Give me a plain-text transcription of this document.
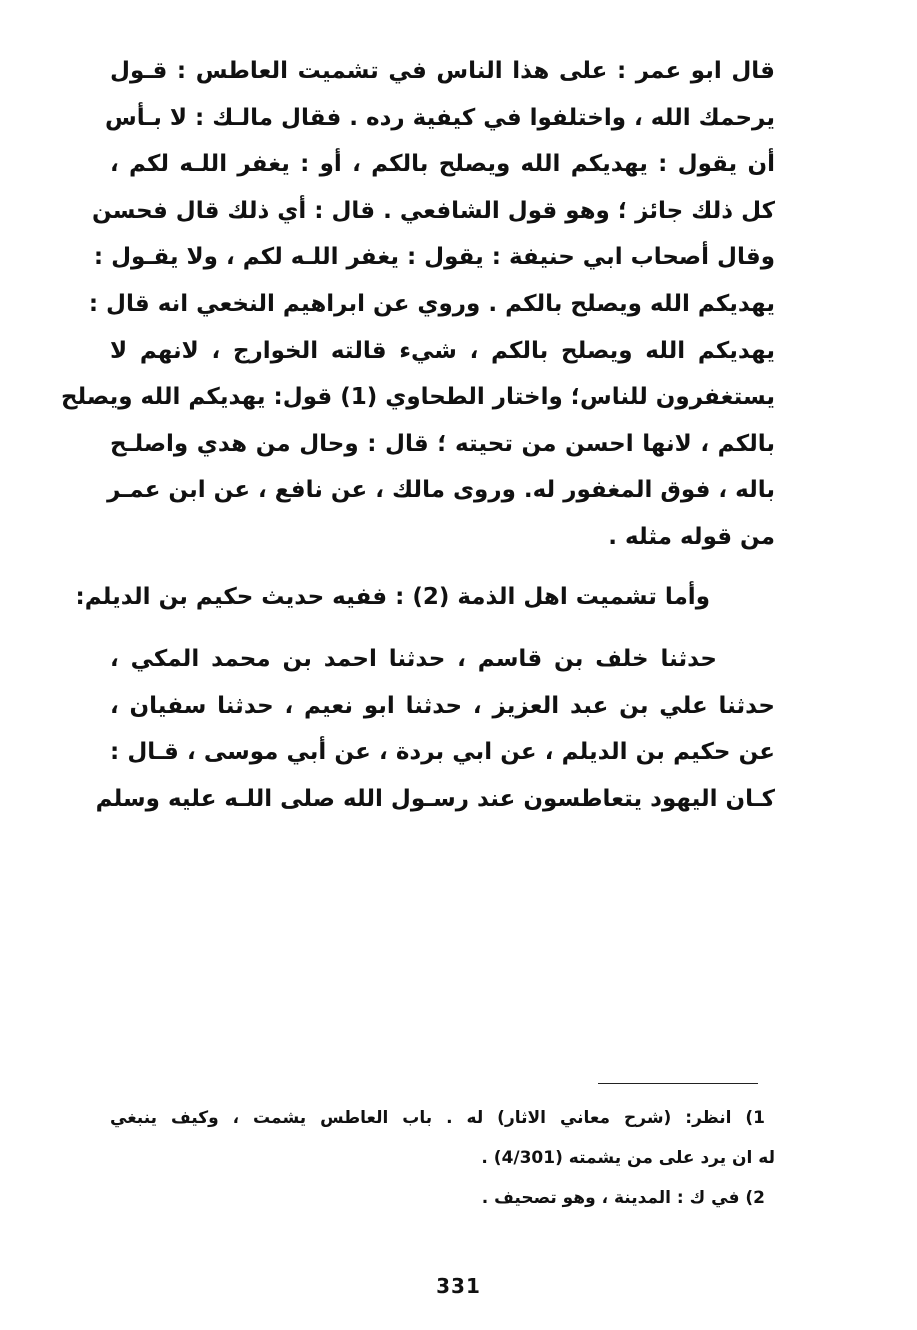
قال ابو عمر : على هذا الناس في تشميت العاطس : قـول
يرحمك الله ، واختلفوا في كيفية رده . فقال مالـك : لا بـأس
أن يقول : يهديكم الله ويصلح بالكم ، أو : يغفر اللـه لكم ،
كل ذلك جائز ؛ وهو قول الشافعي . قال : أي ذلك قال فحسن
وقال أصحاب ابي حنيفة : يقول : يغفر اللـه لكم ، ولا يقـول :
يهديكم الله ويصلح بالكم . وروي عن ابراهيم النخعي انه قال :
يهديكم الله ويصلح بالكم ، شيء قالته الخوارج ، لانهم لا
يستغفرون للناس؛ واختار الطحاوي (1) قول: يهديكم الله ويصلح
بالكم ، لانها احسن من تحيته ؛ قال : وحال من هدي واصلـح
باله ، فوق المغفور له. وروى مالك ، عن نافع ، عن ابن عمـر
من قوله مثله .
وأما تشميت اهل الذمة (2) : ففيه حديث حكيم بن الديلم:
حدثنا خلف بن قاسم ، حدثنا احمد بن محمد المكي ،
حدثنا علي بن عبد العزيز ، حدثنا ابو نعيم ، حدثنا سفيان ،
عن حكيم بن الديلم ، عن ابي بردة ، عن أبي موسى ، قـال :
كـان اليهود يتعاطسون عند رسـول الله صلى اللـه عليه وسلم
1) انظر: (شرح معاني الاثار) له . باب العاطس يشمت ، وكيف ينبغي
له ان يرد على من يشمته (4/301) .
2) في ك : المدينة ، وهو تصحيف .
331
